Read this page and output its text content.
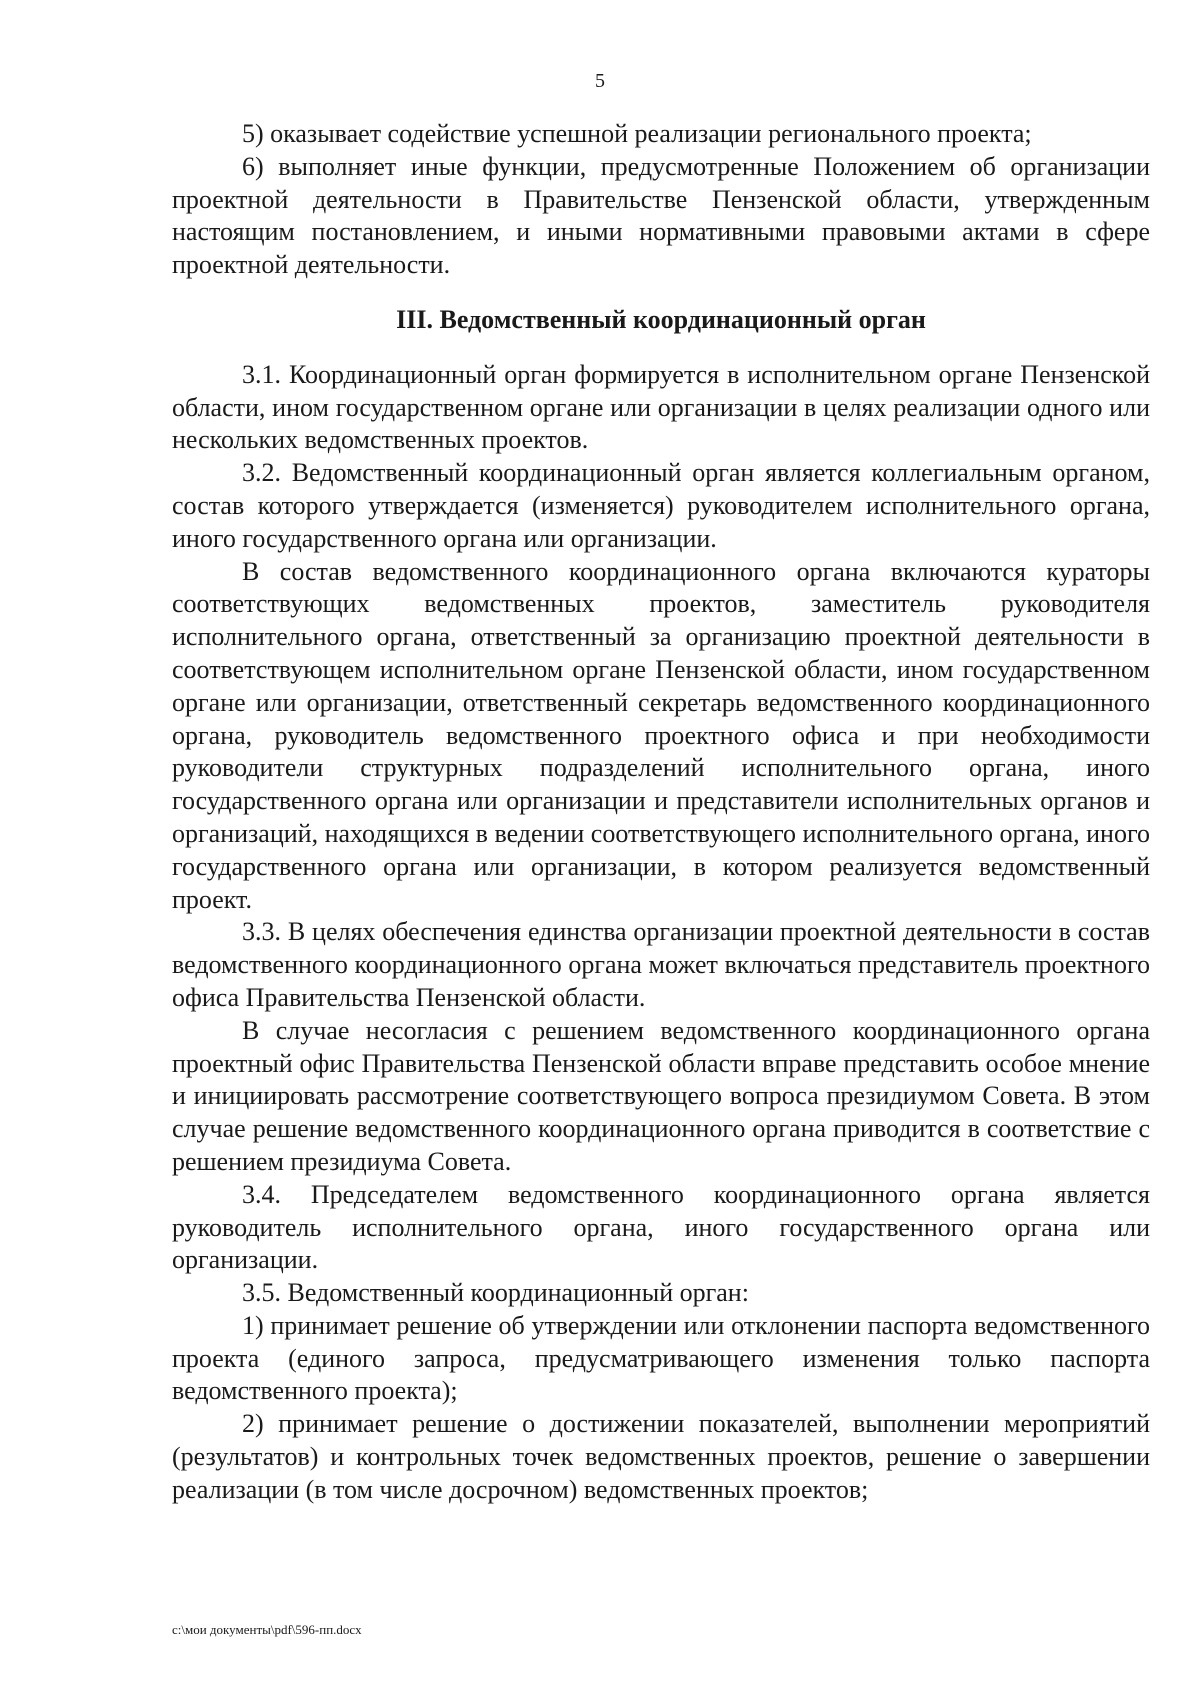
5

5) оказывает содействие успешной реализации регионального проекта;

6) выполняет иные функции, предусмотренные Положением об организации проектной деятельности в Правительстве Пензенской области, утвержденным настоящим постановлением, и иными нормативными правовыми актами в сфере проектной деятельности.

III. Ведомственный координационный орган

3.1. Координационный орган формируется в исполнительном органе Пензенской области, ином государственном органе или организации в целях реализации одного или нескольких ведомственных проектов.

3.2. Ведомственный координационный орган является коллегиальным органом, состав которого утверждается (изменяется) руководителем исполнительного органа, иного государственного органа или организации.

В состав ведомственного координационного органа включаются кураторы соответствующих ведомственных проектов, заместитель руководителя исполнительного органа, ответственный за организацию проектной деятельности в соответствующем исполнительном органе Пензенской области, ином государственном органе или организации, ответственный секретарь ведомственного координационного органа, руководитель ведомственного проектного офиса и при необходимости руководители структурных подразделений исполнительного органа, иного государственного органа или организации и представители исполнительных органов и организаций, находящихся в ведении соответствующего исполнительного органа, иного государственного органа или организации, в котором реализуется ведомственный проект.

3.3. В целях обеспечения единства организации проектной деятельности в состав ведомственного координационного органа может включаться представитель проектного офиса Правительства Пензенской области.

В случае несогласия с решением ведомственного координационного органа проектный офис Правительства Пензенской области вправе представить особое мнение и инициировать рассмотрение соответствующего вопроса президиумом Совета. В этом случае решение ведомственного координационного органа приводится в соответствие с решением президиума Совета.

3.4. Председателем ведомственного координационного органа является руководитель исполнительного органа, иного государственного органа или организации.

3.5. Ведомственный координационный орган:

1) принимает решение об утверждении или отклонении паспорта ведомственного проекта (единого запроса, предусматривающего изменения только паспорта ведомственного проекта);

2) принимает решение о достижении показателей, выполнении мероприятий (результатов) и контрольных точек ведомственных проектов, решение о завершении реализации (в том числе досрочном) ведомственных проектов;

c:\мои документы\pdf\596-пп.docx
